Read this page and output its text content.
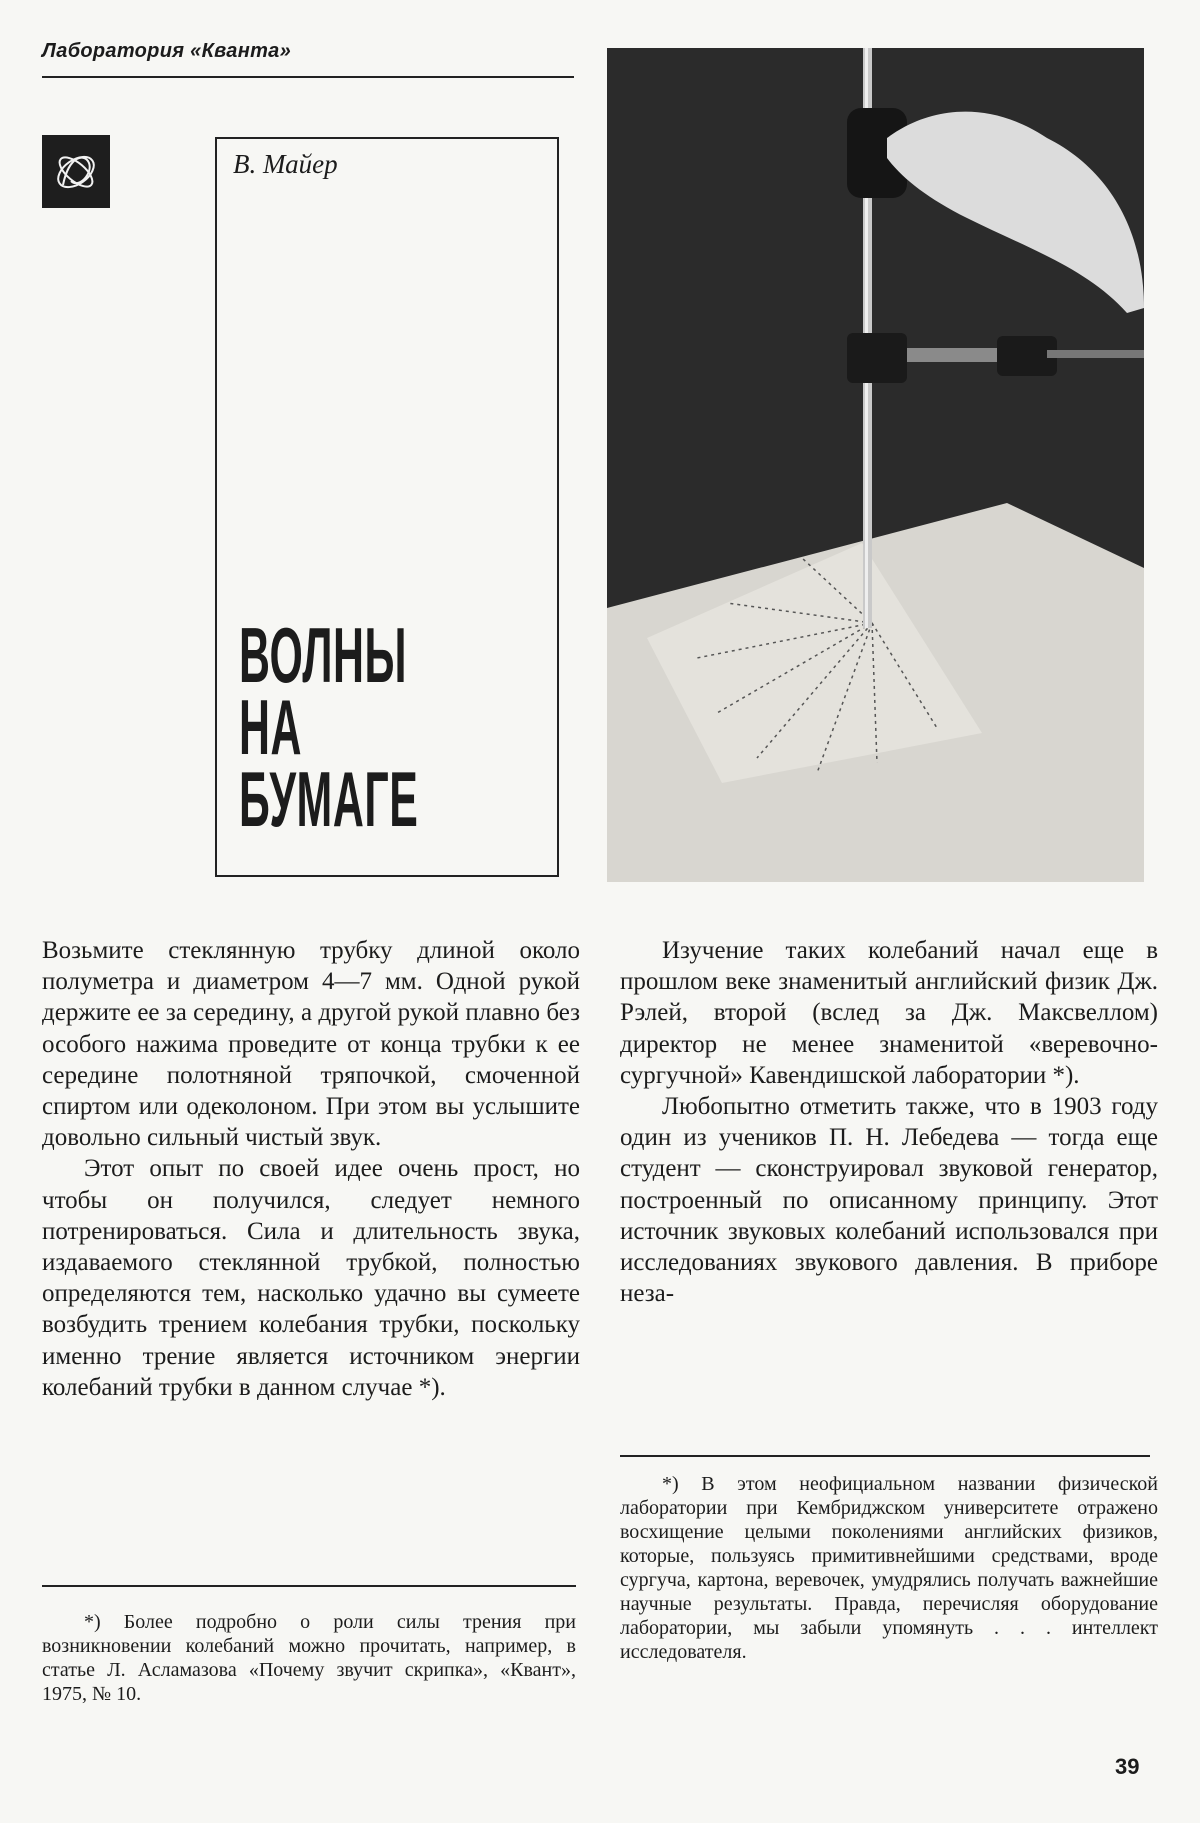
Лаборатория «Кванта»
В. Майер
ВОЛНЫ
НА
БУМАГЕ

Возьмите стеклянную трубку длиной около полуметра и диаметром 4—7 мм. Одной рукой держите ее за середину, а другой рукой плавно без особого нажима проведите от конца трубки к ее середине полотняной тряпочкой, смоченной спиртом или одеколоном. При этом вы услышите довольно сильный чистый звук.
Этот опыт по своей идее очень прост, но чтобы он получился, следует немного потренироваться. Сила и длительность звука, издаваемого стеклянной трубкой, полностью определяются тем, насколько удачно вы сумеете возбудить трением колебания трубки, поскольку именно трение является источником энергии колебаний трубки в данном случае *).

Изучение таких колебаний начал еще в прошлом веке знаменитый английский физик Дж. Рэлей, второй (вслед за Дж. Максвеллом) директор не менее знаменитой «веревочно-сургучной» Кавендишской лаборатории *).
Любопытно отметить также, что в 1903 году один из учеников П. Н. Лебедева — тогда еще студент — сконструировал звуковой генератор, построенный по описанному принципу. Этот источник звуковых колебаний использовался при исследованиях звукового давления. В приборе неза-

*) Более подробно о роли силы трения при возникновении колебаний можно прочитать, например, в статье Л. Асламазова «Почему звучит скрипка», «Квант», 1975, № 10.

*) В этом неофициальном названии физической лаборатории при Кембриджском университете отражено восхищение целыми поколениями английских физиков, которые, пользуясь примитивнейшими средствами, вроде сургуча, картона, веревочек, умудрялись получать важнейшие научные результаты. Правда, перечисляя оборудование лаборатории, мы забыли упомянуть . . . интеллект исследователя.

39
